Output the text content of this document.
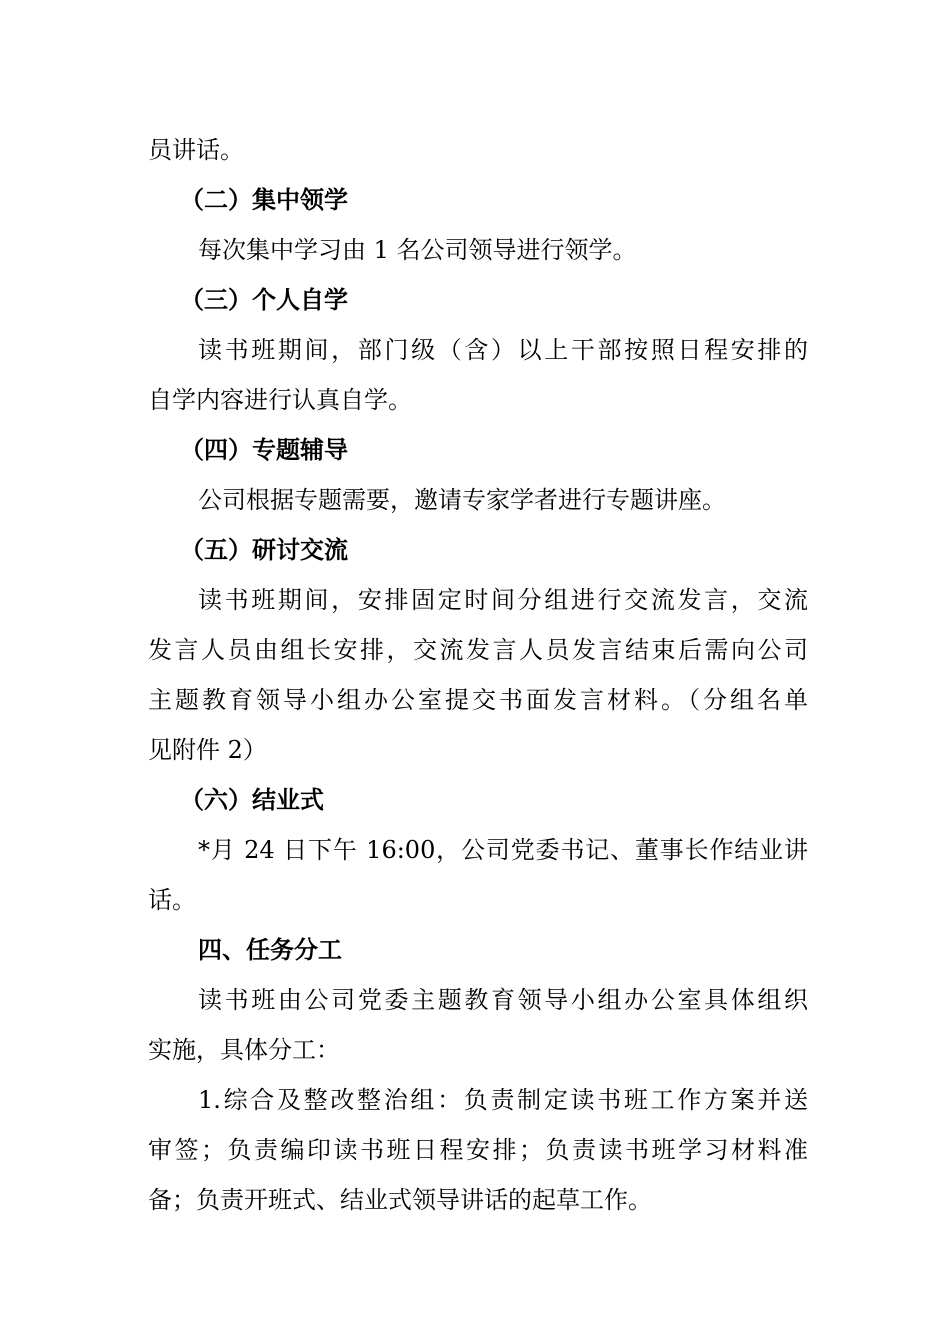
员讲话。
（二）集中领学
每次集中学习由 1 名公司领导进行领学。
（三）个人自学
读书班期间，部门级（含）以上干部按照日程安排的
自学内容进行认真自学。
（四）专题辅导
公司根据专题需要，邀请专家学者进行专题讲座。
（五）研讨交流
读书班期间，安排固定时间分组进行交流发言，交流
发言人员由组长安排，交流发言人员发言结束后需向公司
主题教育领导小组办公室提交书面发言材料。（分组名单
见附件 2）
（六）结业式
*月 24 日下午 16:00，公司党委书记、董事长作结业讲
话。
四、任务分工
读书班由公司党委主题教育领导小组办公室具体组织
实施，具体分工：
1.综合及整改整治组：负责制定读书班工作方案并送
审签；负责编印读书班日程安排；负责读书班学习材料准
备；负责开班式、结业式领导讲话的起草工作。
